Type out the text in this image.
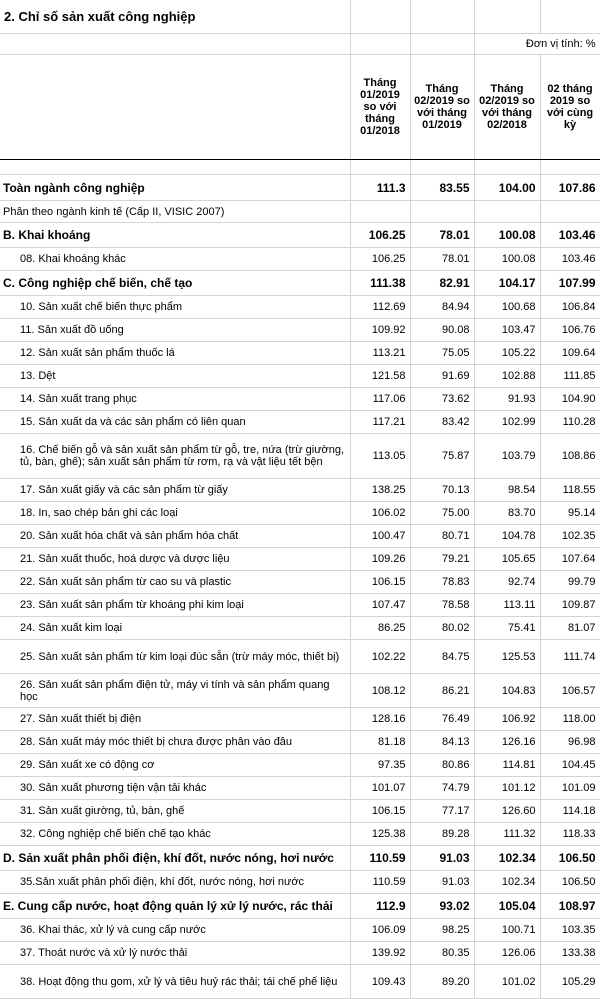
2. Chỉ số sản xuất công nghiệp				
			Đơn vị tính: %	
	Tháng 01/2019 so với tháng 01/2018	Tháng 02/2019 so với tháng 01/2019	Tháng 02/2019 so với tháng 02/2018	02 tháng 2019 so với cùng kỳ

Toàn ngành công nghiệp	111.3	83.55	104.00	107.86
Phân theo ngành kinh tế (Cấp II, VISIC 2007)				
B. Khai khoáng	106.25	78.01	100.08	103.46
08. Khai khoáng khác	106.25	78.01	100.08	103.46
C. Công nghiệp chế biến, chế tạo	111.38	82.91	104.17	107.99
10. Sản xuất chế biến thực phẩm	112.69	84.94	100.68	106.84
11. Sản xuất đồ uống	109.92	90.08	103.47	106.76
12. Sản xuất sản phẩm thuốc lá	113.21	75.05	105.22	109.64
13. Dệt	121.58	91.69	102.88	111.85
14. Sản xuất trang phục	117.06	73.62	91.93	104.90
15. Sản xuất da và các sản phẩm có liên quan	117.21	83.42	102.99	110.28
16. Chế biến gỗ và sản xuất sản phẩm từ gỗ, tre, nứa (trừ giường, tủ, bàn, ghế); sản xuất sản phẩm từ rơm, rạ và vật liệu tết bện	113.05	75.87	103.79	108.86
17. Sản xuất giấy và các sản phẩm từ giấy	138.25	70.13	98.54	118.55
18. In, sao chép bản ghi các loại	106.02	75.00	83.70	95.14
20. Sản xuất hóa chất và sản phẩm hóa chất	100.47	80.71	104.78	102.35
21. Sản xuất thuốc, hoá dược và dược liệu	109.26	79.21	105.65	107.64
22. Sản xuất sản phẩm từ cao su và plastic	106.15	78.83	92.74	99.79
23. Sản xuất sản phẩm từ khoáng phi kim loại	107.47	78.58	113.11	109.87
24. Sản xuất kim loại	86.25	80.02	75.41	81.07
25. Sản xuất sản phẩm từ kim loại đúc sẵn (trừ máy móc, thiết bị)	102.22	84.75	125.53	111.74
26. Sản xuất sản phẩm điện tử, máy vi tính và sản phẩm quang học	108.12	86.21	104.83	106.57
27. Sản xuất thiết bị điện	128.16	76.49	106.92	118.00
28. Sản xuất máy móc thiết bị chưa được phân vào đâu	81.18	84.13	126.16	96.98
29. Sản xuất xe có động cơ	97.35	80.86	114.81	104.45
30. Sản xuất phương tiện vận tải khác	101.07	74.79	101.12	101.09
31. Sản xuất giường, tủ, bàn, ghế	106.15	77.17	126.60	114.18
32. Công nghiệp chế biến chế tạo khác	125.38	89.28	111.32	118.33
D. Sản xuất phân phối điện, khí đốt, nước nóng, hơi nước	110.59	91.03	102.34	106.50
35.Sản xuất phân phối điện, khí đốt, nước nóng, hơi nước	110.59	91.03	102.34	106.50
E. Cung cấp nước, hoạt động quản lý xử lý nước, rác thải	112.9	93.02	105.04	108.97
36. Khai thác, xử lý và cung cấp nước	106.09	98.25	100.71	103.35
37. Thoát nước và xử lý nước thải	139.92	80.35	126.06	133.38
38. Hoạt động thu gom, xử lý và tiêu huỷ rác thải; tái chế phế liệu	109.43	89.20	101.02	105.29
